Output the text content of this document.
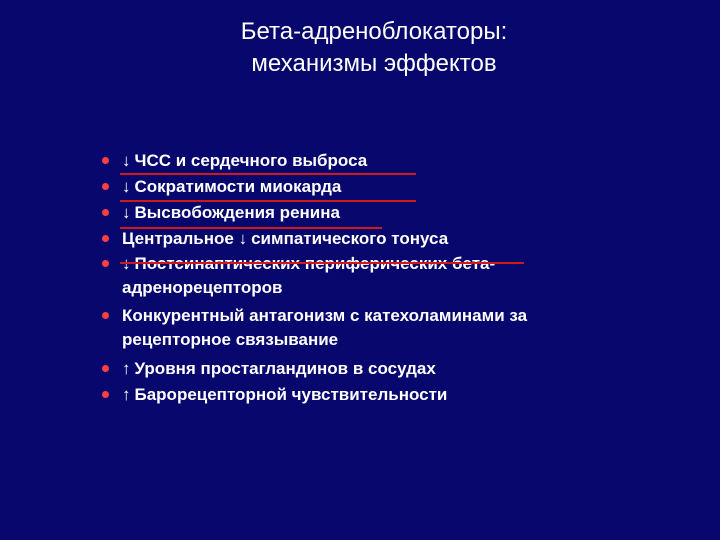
Бета-адреноблокаторы:
механизмы эффектов
↓ ЧСС и сердечного выброса
↓ Сократимости миокарда
↓ Высвобождения ренина
Центральное ↓ симпатического тонуса

адренорецепторов
Конкурентный антагонизм с катехоламинами за
рецепторное связывание
↑ Уровня простагландинов в сосудах
↑ Барорецепторной чувствительности
